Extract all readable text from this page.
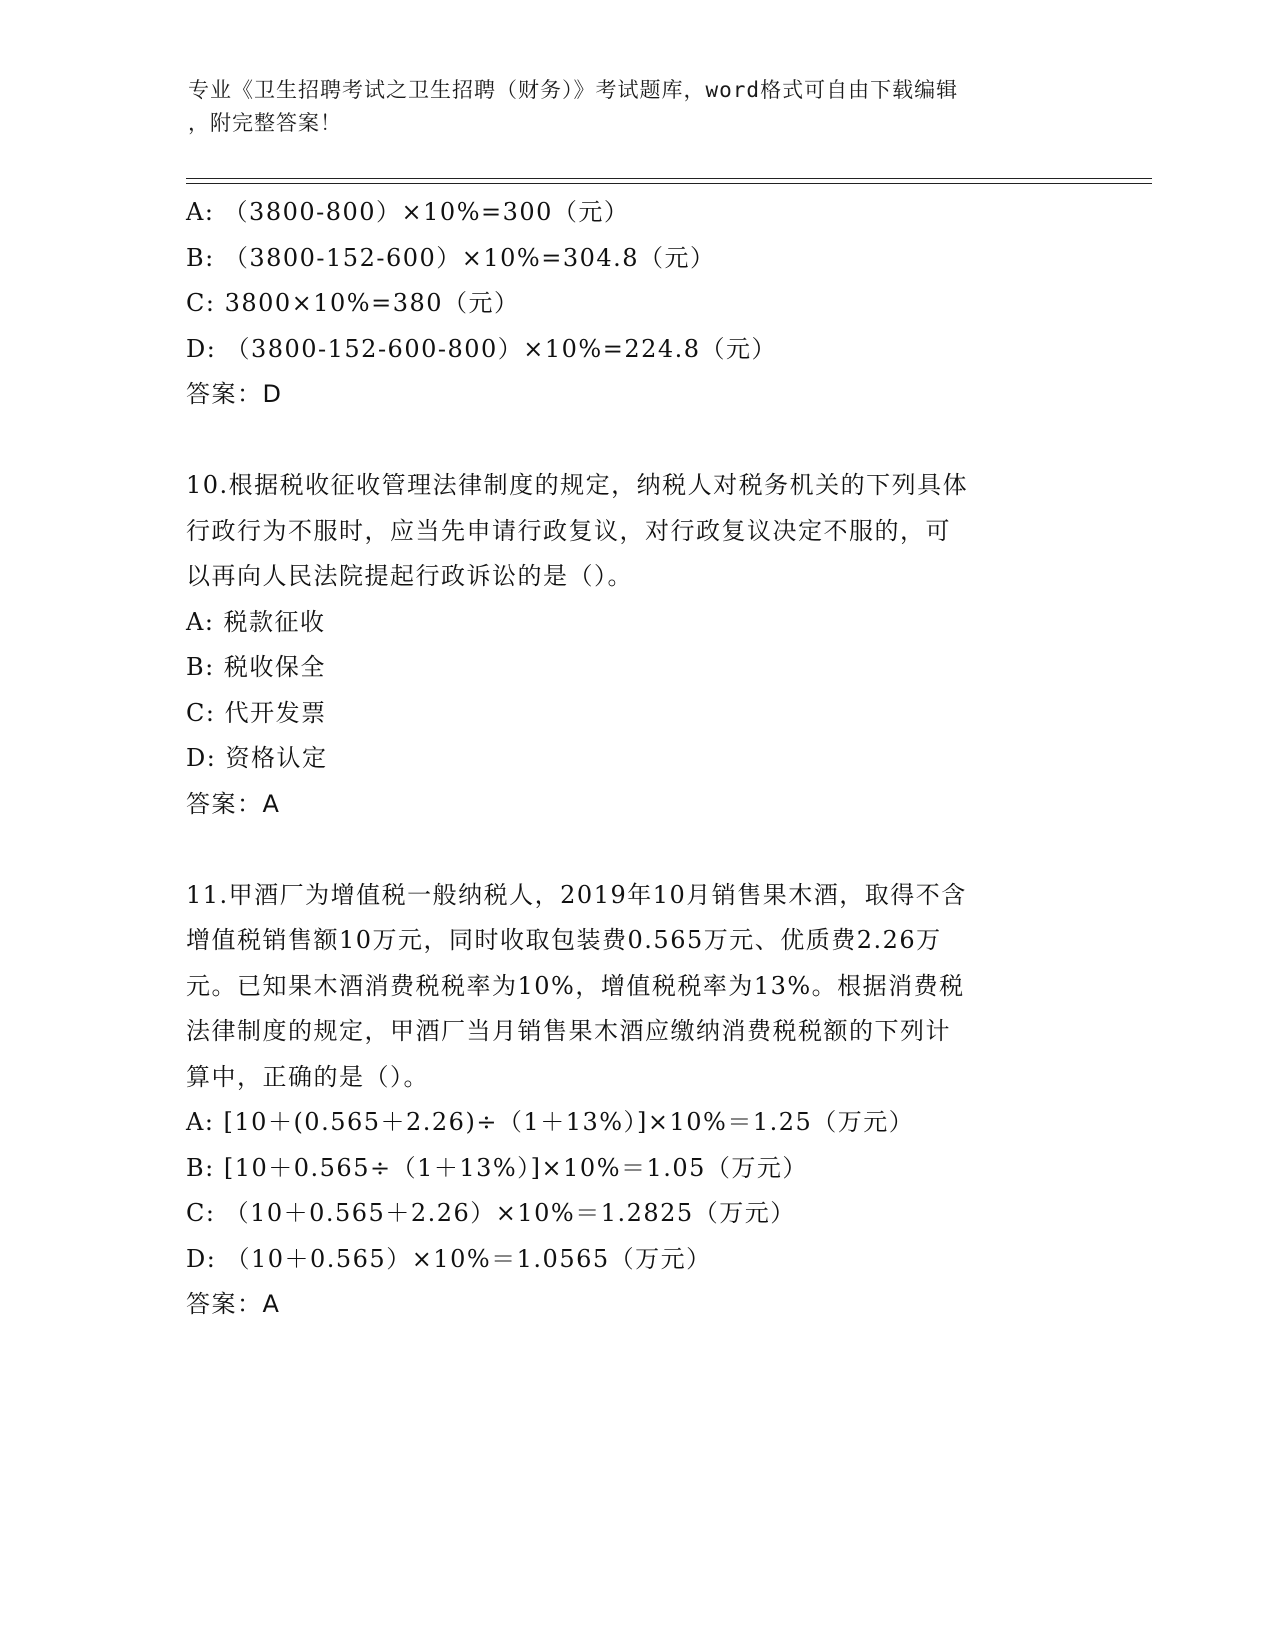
专业《卫生招聘考试之卫生招聘（财务）》考试题库，word格式可自由下载编辑
，附完整答案！
A: （3800-800）×10%=300（元）
B: （3800-152-600）×10%=304.8（元）
C: 3800×10%=380（元）
D: （3800-152-600-800）×10%=224.8（元）
答案：D
10.根据税收征收管理法律制度的规定，纳税人对税务机关的下列具体
行政行为不服时，应当先申请行政复议，对行政复议决定不服的，可
以再向人民法院提起行政诉讼的是（）。
A: 税款征收
B: 税收保全
C: 代开发票
D: 资格认定
答案：A
11.甲酒厂为增值税一般纳税人，2019年10月销售果木酒，取得不含
增值税销售额10万元，同时收取包装费0.565万元、优质费2.26万
元。已知果木酒消费税税率为10%，增值税税率为13%。根据消费税
法律制度的规定，甲酒厂当月销售果木酒应缴纳消费税税额的下列计
算中，正确的是（）。
A: [10＋(0.565＋2.26)÷（1＋13%）]×10%＝1.25（万元）
B: [10＋0.565÷（1＋13%）]×10%＝1.05（万元）
C: （10＋0.565＋2.26）×10%＝1.2825（万元）
D: （10＋0.565）×10%＝1.0565（万元）
答案：A
